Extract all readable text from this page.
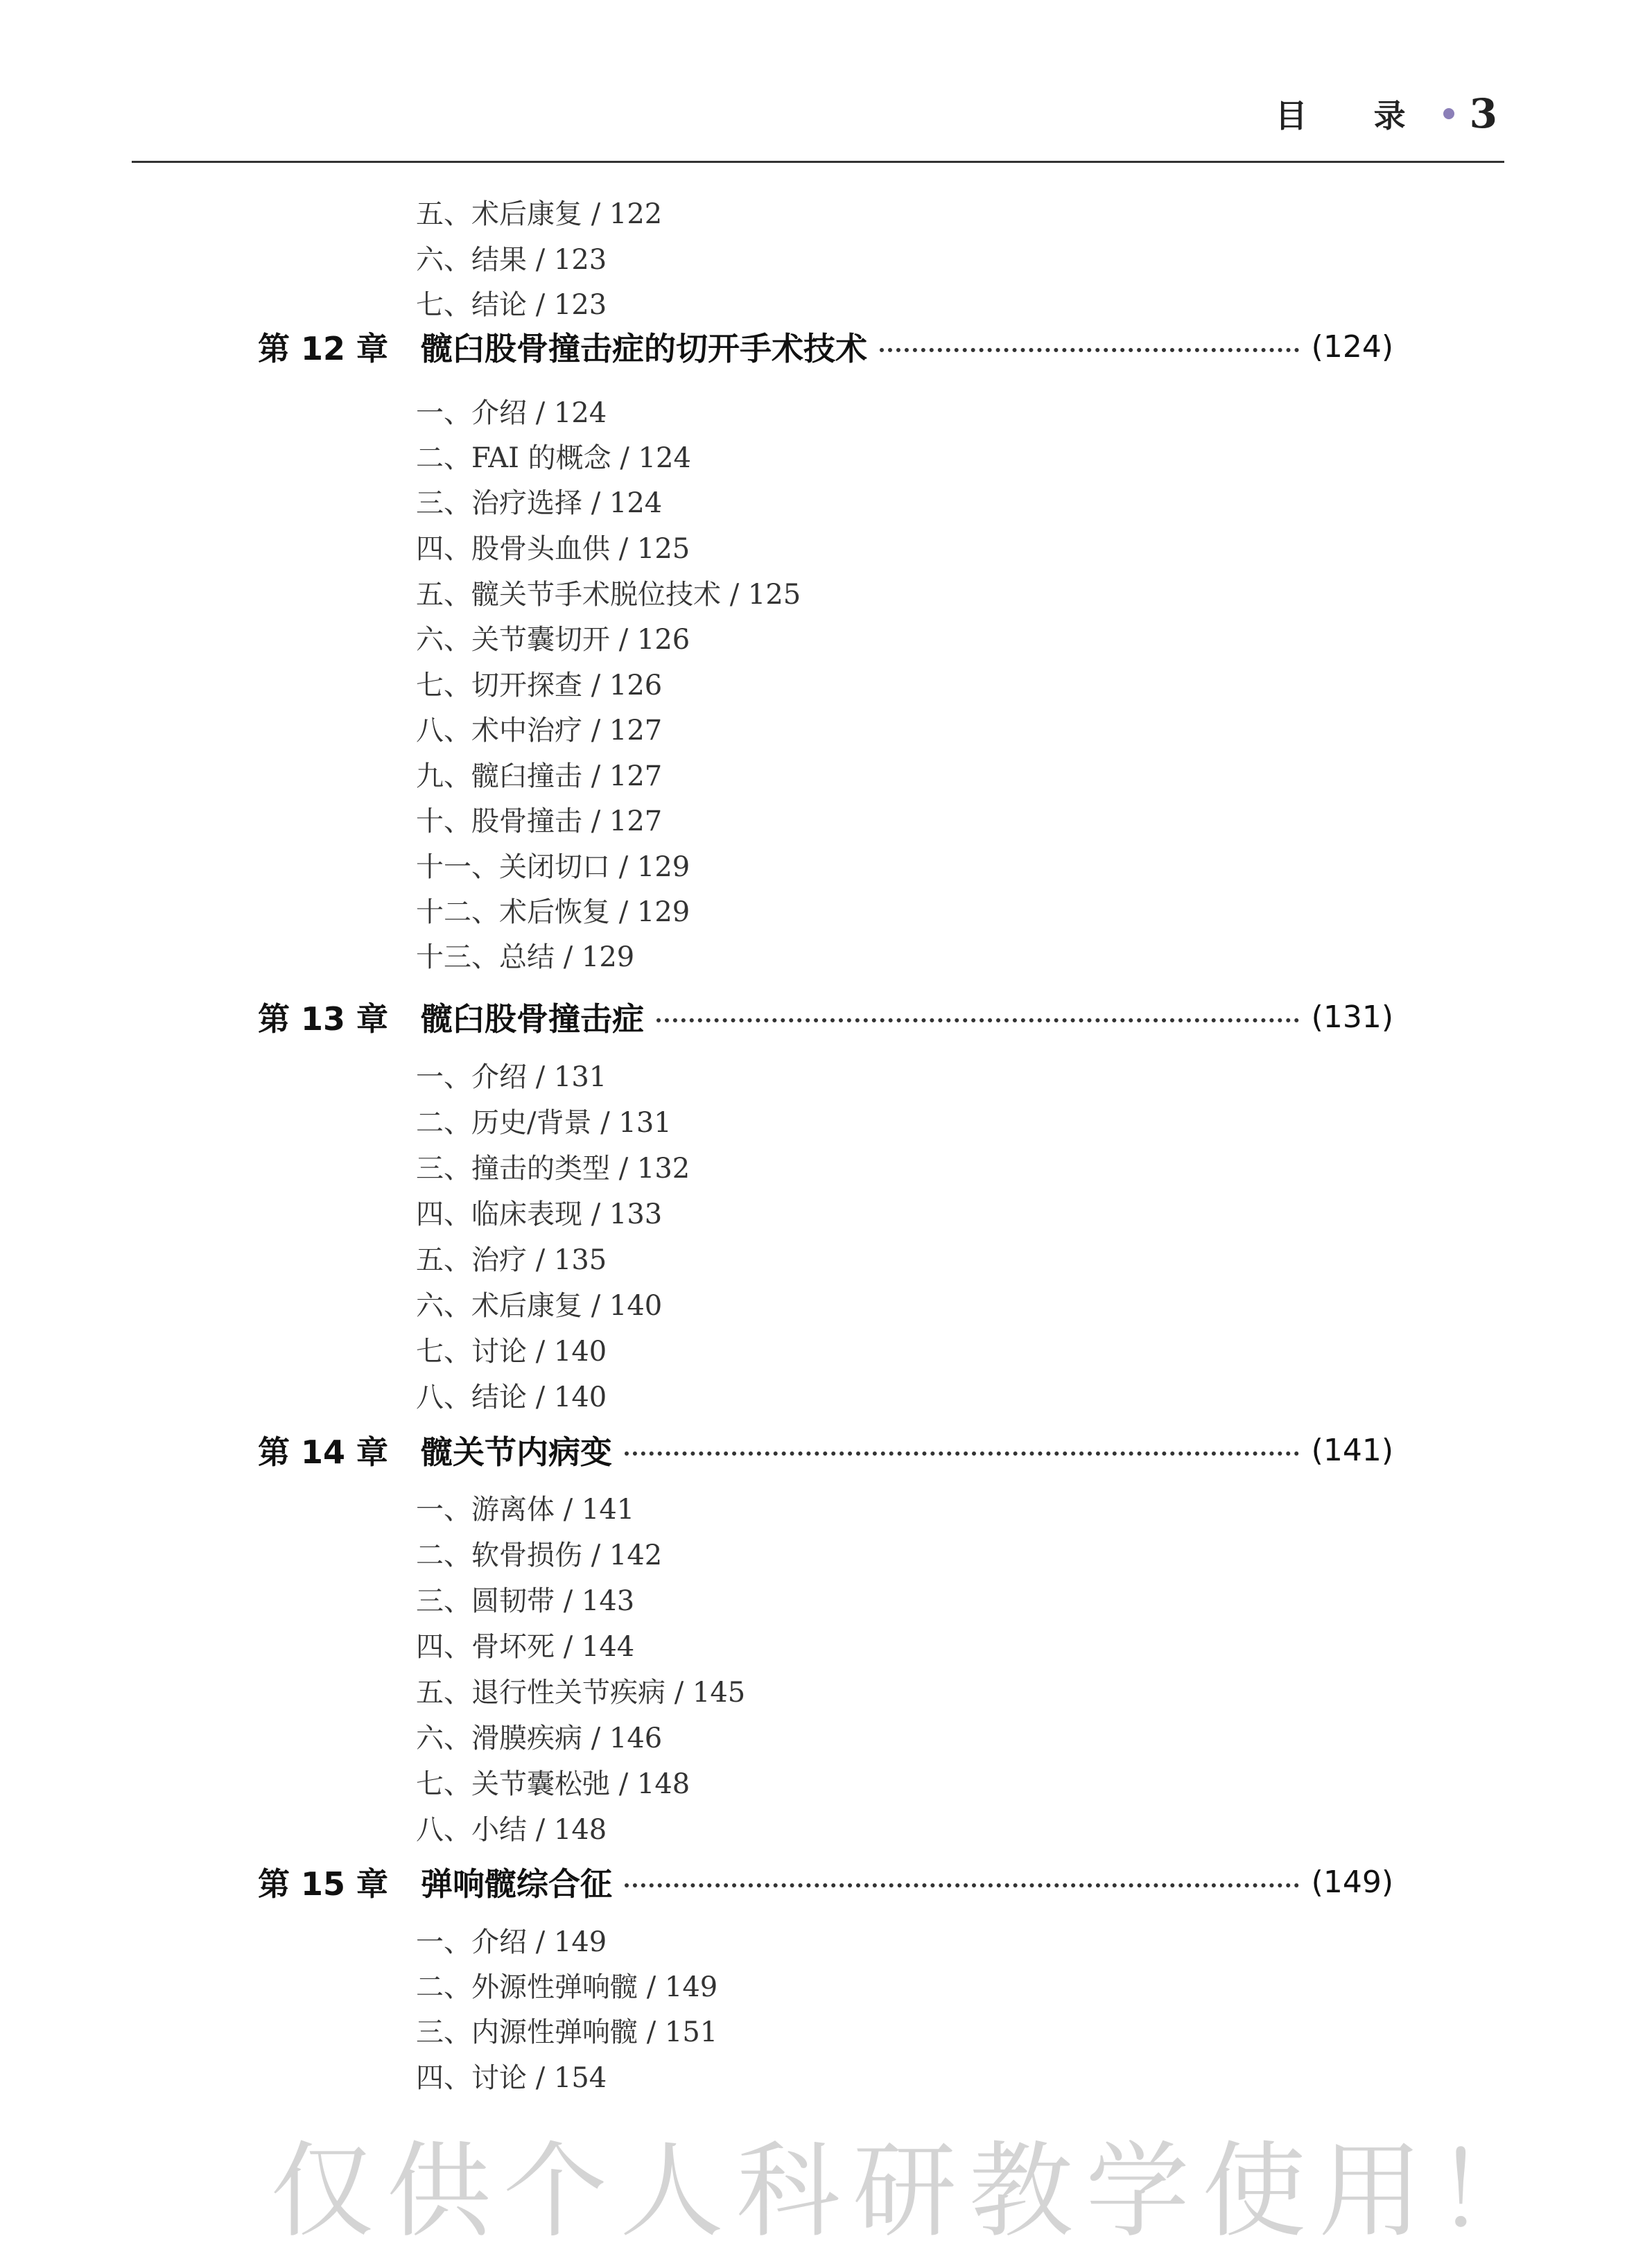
目 录 3
五、术后康复 / 122
六、结果 / 123
七、结论 / 123
第 12 章	髋臼股骨撞击症的切开手术技术	(124)
一、介绍 / 124
二、FAI 的概念 / 124
三、治疗选择 / 124
四、股骨头血供 / 125
五、髋关节手术脱位技术 / 125
六、关节囊切开 / 126
七、切开探查 / 126
八、术中治疗 / 127
九、髋臼撞击 / 127
十、股骨撞击 / 127
十一、关闭切口 / 129
十二、术后恢复 / 129
十三、总结 / 129
第 13 章	髋臼股骨撞击症	(131)
一、介绍 / 131
二、历史/背景 / 131
三、撞击的类型 / 132
四、临床表现 / 133
五、治疗 / 135
六、术后康复 / 140
七、讨论 / 140
八、结论 / 140
第 14 章	髋关节内病变	(141)
一、游离体 / 141
二、软骨损伤 / 142
三、圆韧带 / 143
四、骨坏死 / 144
五、退行性关节疾病 / 145
六、滑膜疾病 / 146
七、关节囊松弛 / 148
八、小结 / 148
第 15 章	弹响髋综合征	(149)
一、介绍 / 149
二、外源性弹响髋 / 149
三、内源性弹响髋 / 151
四、讨论 / 154
仅供个人科研教学使用！
